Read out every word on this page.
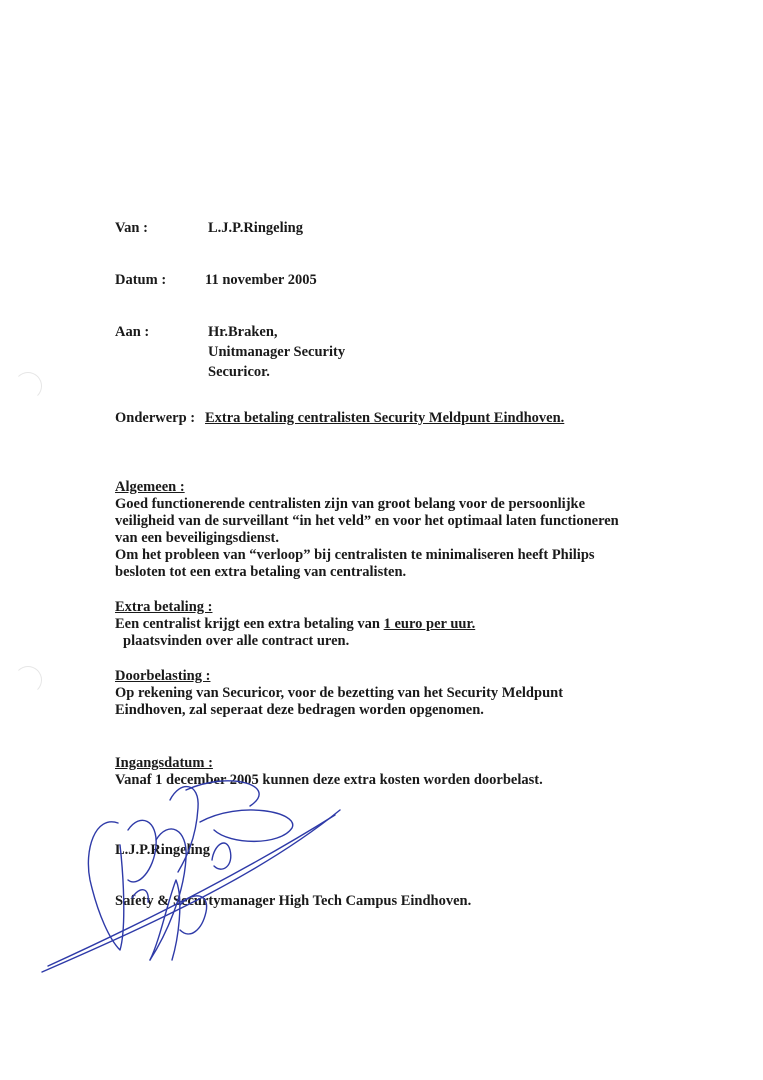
Van :	L.J.P.Ringeling
Datum :	11 november 2005
Aan :	Hr.Braken,
Unitmanager Security
Securicor.
Onderwerp : Extra betaling centralisten Security Meldpunt Eindhoven.
Algemeen :
Goed functionerende centralisten zijn van groot belang voor de persoonlijke
veiligheid van de surveillant “in het veld” en voor het optimaal laten functioneren
van een beveiligingsdienst.
Om het probleen van “verloop” bij centralisten te minimaliseren heeft Philips
besloten tot een extra betaling van centralisten.
Extra betaling :
Een centralist krijgt een extra betaling van 1 euro per uur.
plaatsvinden over alle contract uren.
Doorbelasting :
Op rekening van Securicor, voor de bezetting van het Security Meldpunt
Eindhoven, zal seperaat deze bedragen worden opgenomen.
Ingangsdatum :
Vanaf 1 december 2005 kunnen deze extra kosten worden doorbelast.
L.J.P.Ringeling
Safety & Securtymanager High Tech Campus Eindhoven.
